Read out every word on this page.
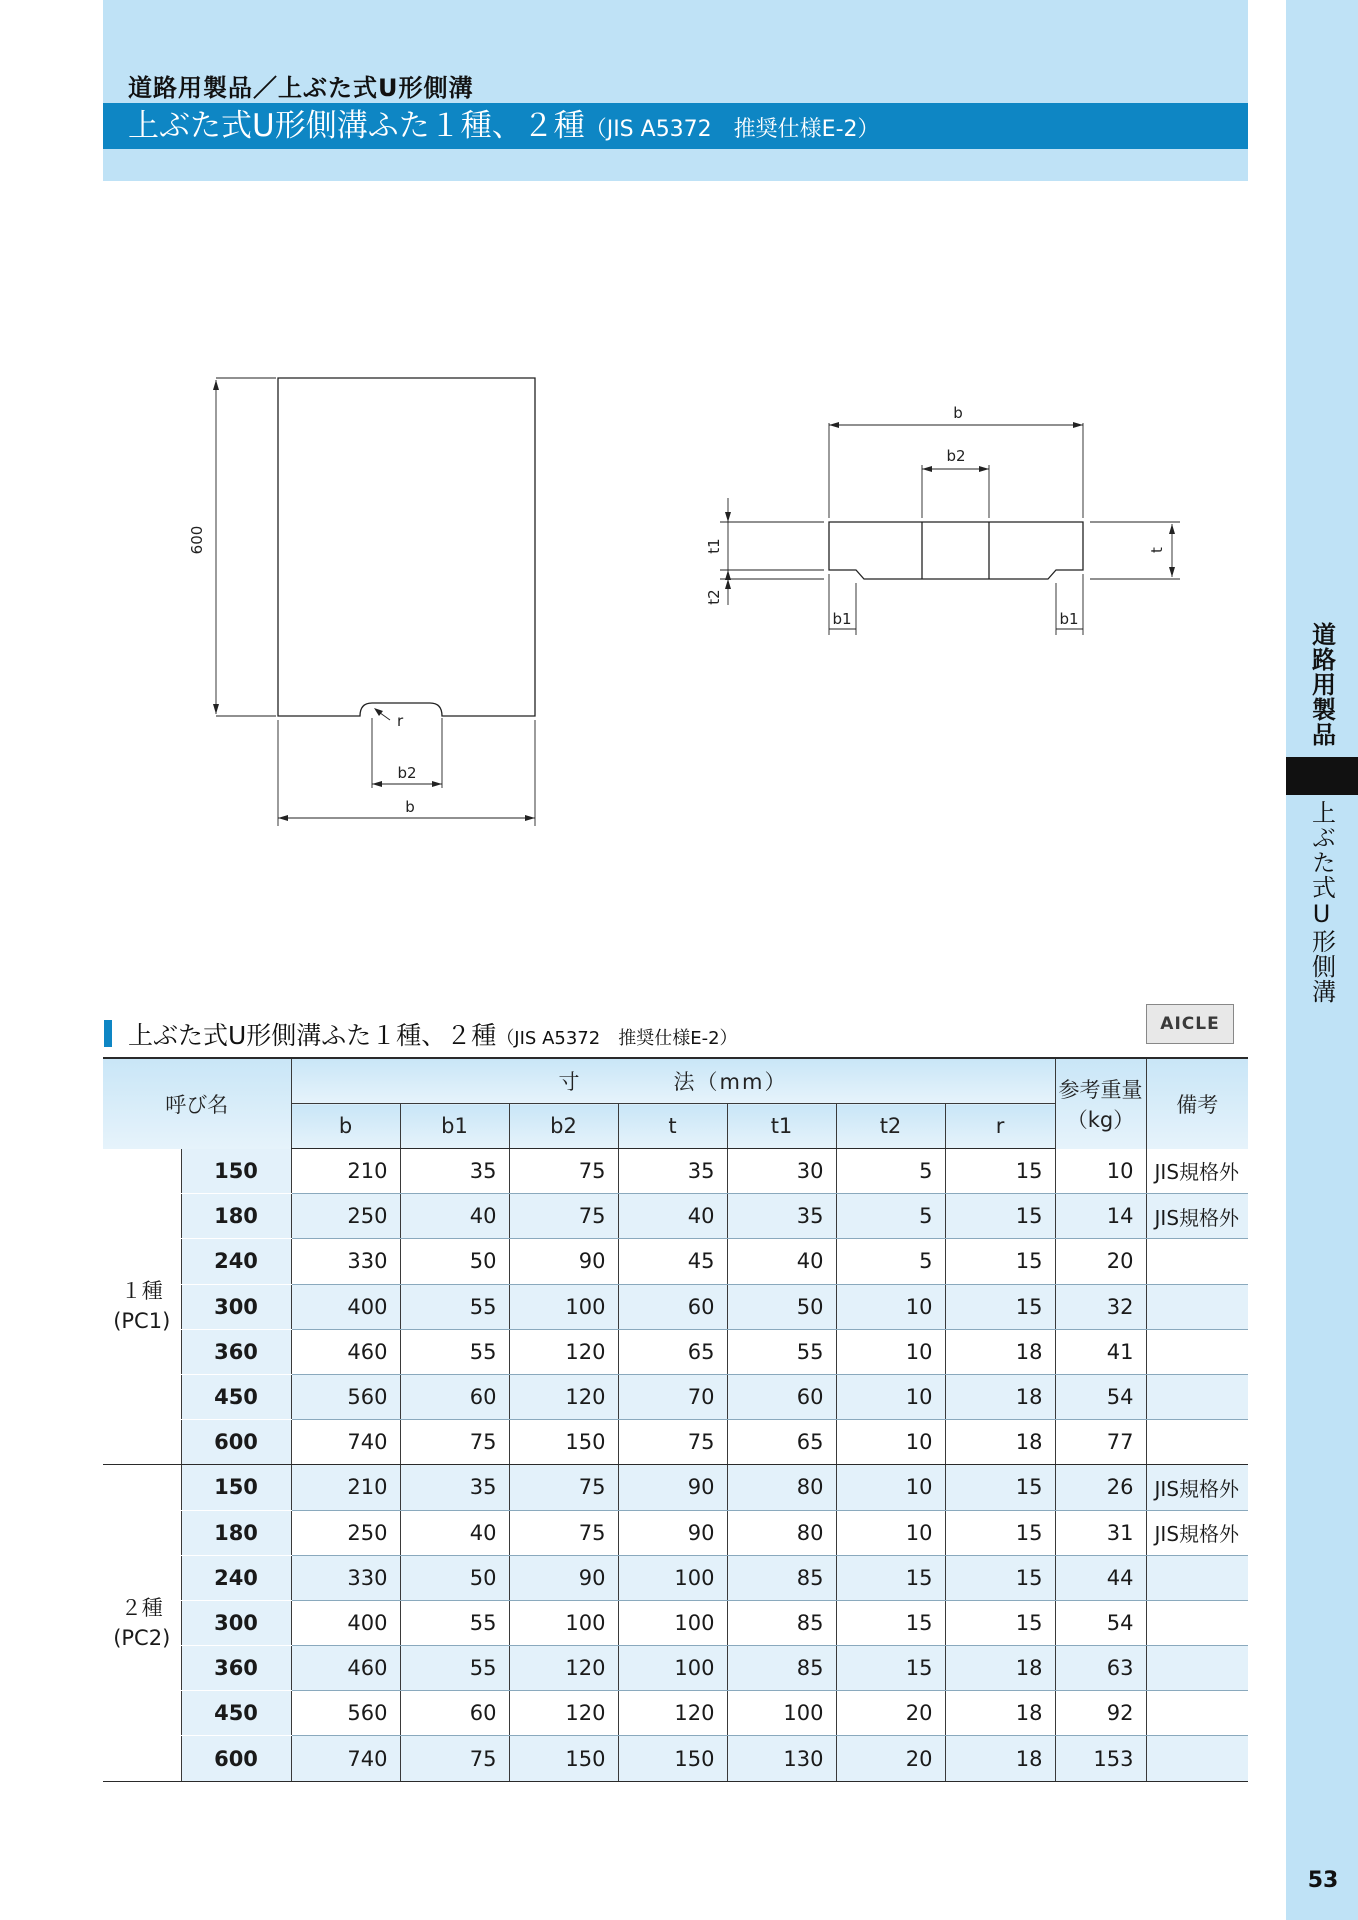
道路用製品／上ぶた式U形側溝
上ぶた式U形側溝ふた１種、２種（JIS A5372　推奨仕様E-2）
道路用製品
上ぶた式U形側溝
53
600
r
b2
b
b
b2
t1
t2
t
b1	b1
上ぶた式U形側溝ふた１種、２種（JIS A5372　推奨仕様E-2）
AICLE
呼び名		寸　　　　法（mm）							参考重量
（kg）	備考
		b	b1	b2	t	t1	t2	r		

１種
(PC1)	150	210	35	75	35	30	5	15	10	JIS規格外
	180	250	40	75	40	35	5	15	14	JIS規格外
	240	330	50	90	45	40	5	15	20	
	300	400	55	100	60	50	10	15	32	
	360	460	55	120	65	55	10	18	41	
	450	560	60	120	70	60	10	18	54	
	600	740	75	150	75	65	10	18	77	

２種
(PC2)	150	210	35	75	90	80	10	15	26	JIS規格外
	180	250	40	75	90	80	10	15	31	JIS規格外
	240	330	50	90	100	85	15	15	44	
	300	400	55	100	100	85	15	15	54	
	360	460	55	120	100	85	15	18	63	
	450	560	60	120	120	100	20	18	92	
	600	740	75	150	150	130	20	18	153	
